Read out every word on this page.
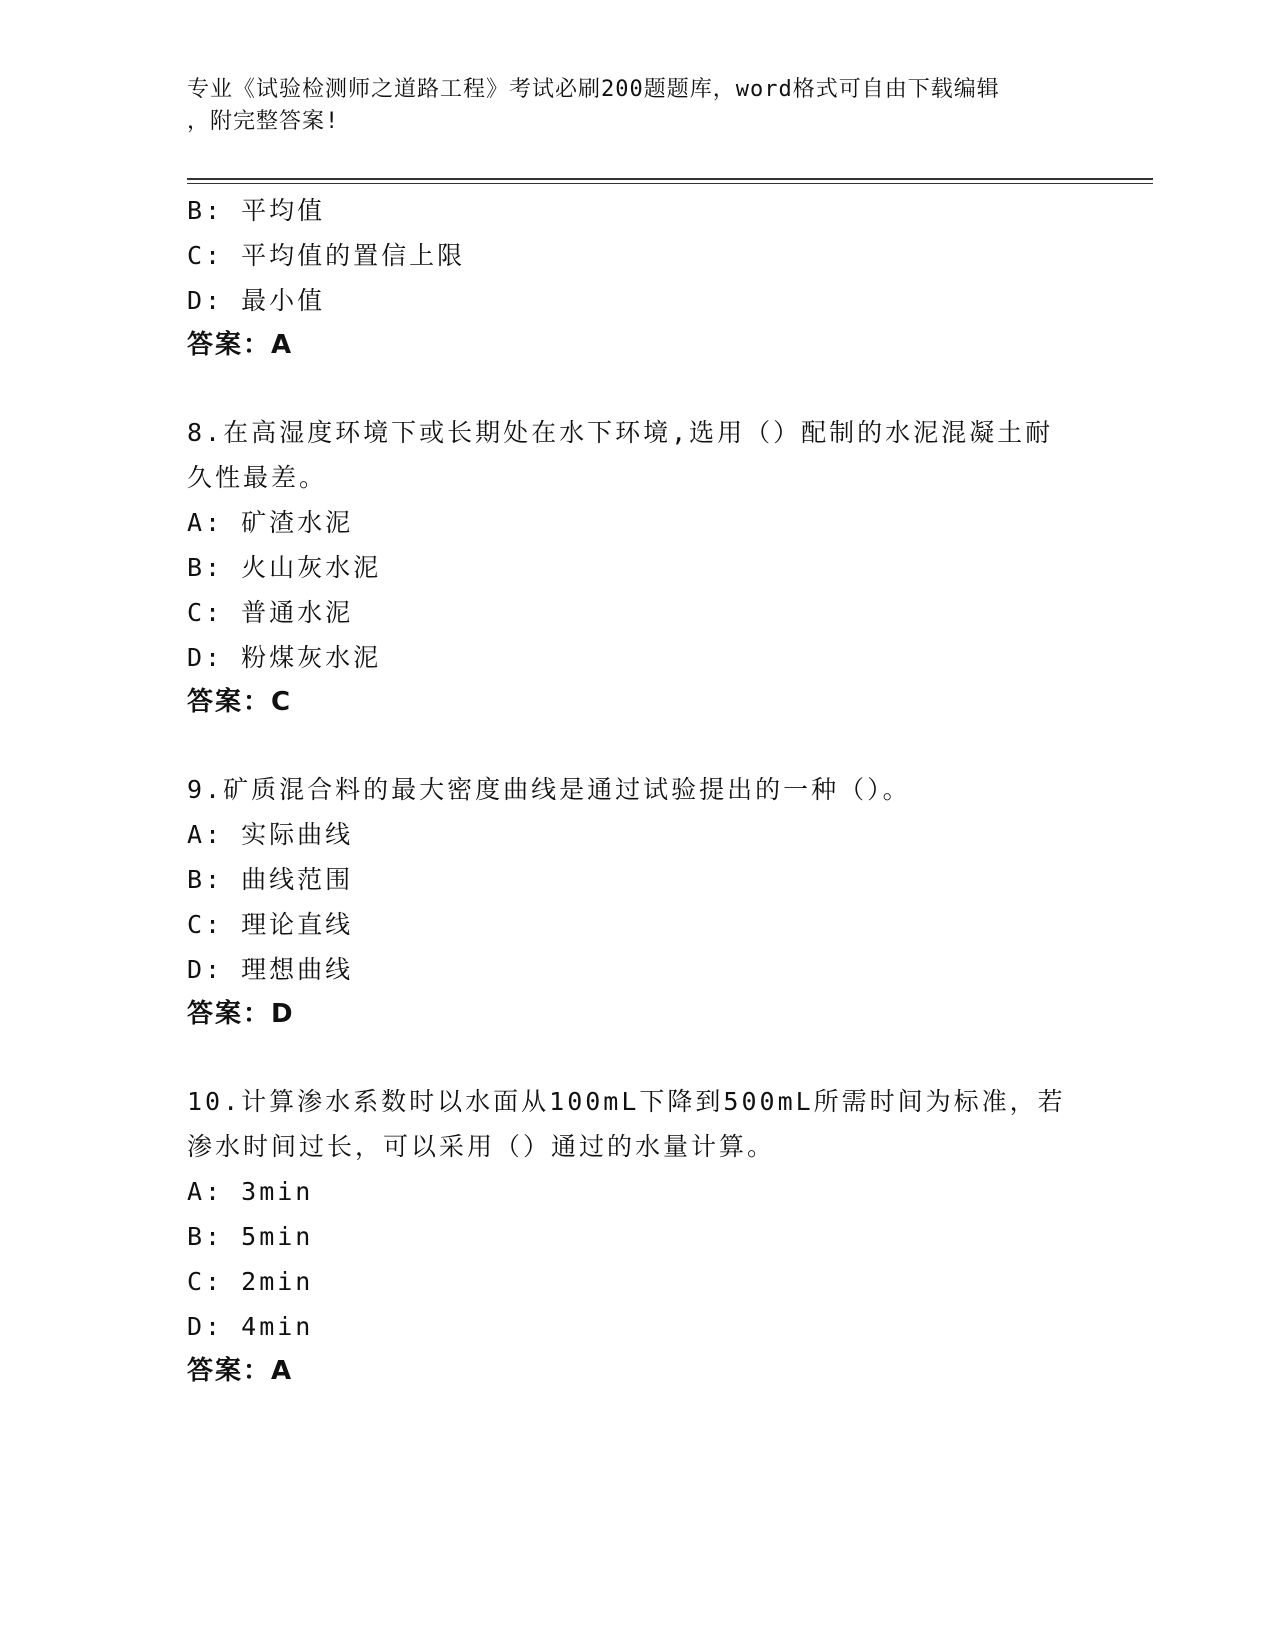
专业《试验检测师之道路工程》考试必刷200题题库，word格式可自由下载编辑
，附完整答案!
B: 平均值
C: 平均值的置信上限
D: 最小值
答案：A
8.在高湿度环境下或长期处在水下环境,选用（）配制的水泥混凝土耐
久性最差。
A: 矿渣水泥
B: 火山灰水泥
C: 普通水泥
D: 粉煤灰水泥
答案：C
9.矿质混合料的最大密度曲线是通过试验提出的一种（）。
A: 实际曲线
B: 曲线范围
C: 理论直线
D: 理想曲线
答案：D
10.计算渗水系数时以水面从100mL下降到500mL所需时间为标准，若
渗水时间过长，可以采用（）通过的水量计算。
A: 3min
B: 5min
C: 2min
D: 4min
答案：A
